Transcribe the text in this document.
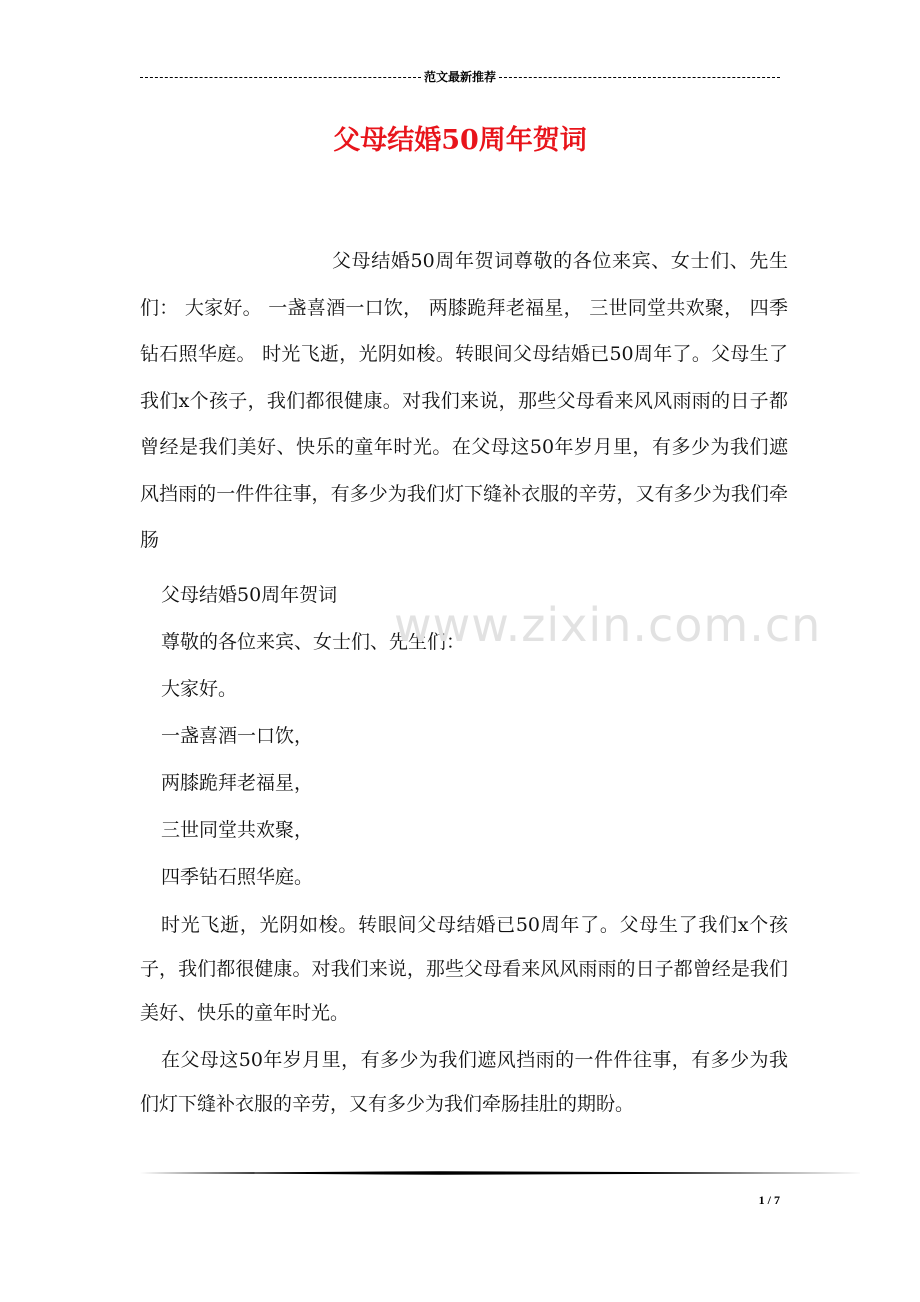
范文最新推荐
父母结婚50周年贺词

父母结婚50周年贺词尊敬的各位来宾、女士们、先生们： 大家好。 一盏喜酒一口饮， 两膝跪拜老福星， 三世同堂共欢聚， 四季钻石照华庭。 时光飞逝，光阴如梭。转眼间父母结婚已50周年了。父母生了我们x个孩子，我们都很健康。对我们来说，那些父母看来风风雨雨的日子都曾经是我们美好、快乐的童年时光。在父母这50年岁月里，有多少为我们遮风挡雨的一件件往事，有多少为我们灯下缝补衣服的辛劳，又有多少为我们牵肠

父母结婚50周年贺词

尊敬的各位来宾、女士们、先生们：

大家好。

一盏喜酒一口饮，

两膝跪拜老福星，

三世同堂共欢聚，

四季钻石照华庭。

时光飞逝，光阴如梭。转眼间父母结婚已50周年了。父母生了我们x个孩子，我们都很健康。对我们来说，那些父母看来风风雨雨的日子都曾经是我们美好、快乐的童年时光。

在父母这50年岁月里，有多少为我们遮风挡雨的一件件往事，有多少为我们灯下缝补衣服的辛劳，又有多少为我们牵肠挂肚的期盼。

www.zixin.com.cn
1 / 7
